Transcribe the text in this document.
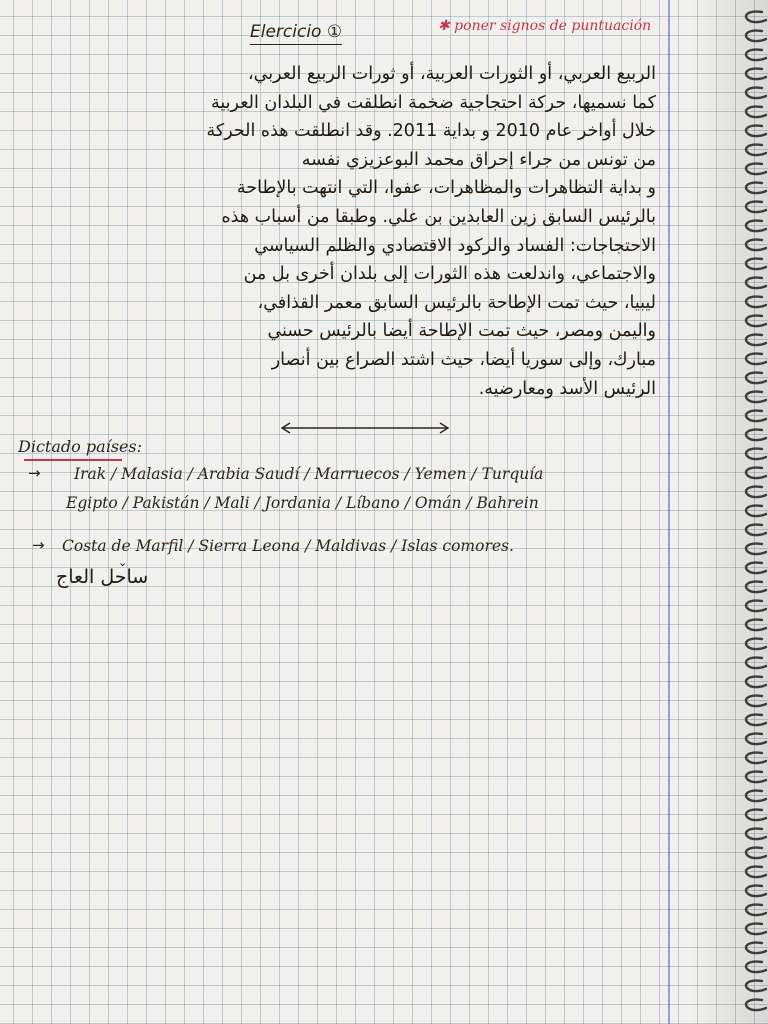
Elercicio ①	✱ poner signos de puntuación

الربيع العربي، أو الثورات العربية، أو ثورات الربيع العربي،

كما نسميها، حركة احتجاجية ضخمة انطلقت في البلدان العربية

خلال أواخر عام 2010 و بداية 2011. وقد انطلقت هذه الحركة

من تونس من جراء إحراق محمد البوعزيزي نفسه

و بداية التظاهرات والمظاهرات، عفوا، التي انتهت بالإطاحة

بالرئيس السابق زين العابدين بن علي. وطبقا من أسباب هذه

الاحتجاجات: الفساد والركود الاقتصادي والظلم السياسي

والاجتماعي، واندلعت هذه الثورات إلى بلدان أخرى بل من

ليبيا، حيث تمت الإطاحة بالرئيس السابق معمر القذافي،

واليمن ومصر، حيث تمت الإطاحة أيضا بالرئيس حسني

مبارك، وإلى سوريا أيضا، حيث اشتد الصراع بين أنصار

الرئيس الأسد ومعارضيه.

Dictado países:
→ Irak / Malasia / Arabia Saudí / Marruecos / Yemen / Turquía
Egipto / Pakistán / Mali / Jordania / Líbano / Omán / Bahrein
→ Costa de Marfil / Sierra Leona / Maldivas / Islas comores.
⌄
ساحل العاج
